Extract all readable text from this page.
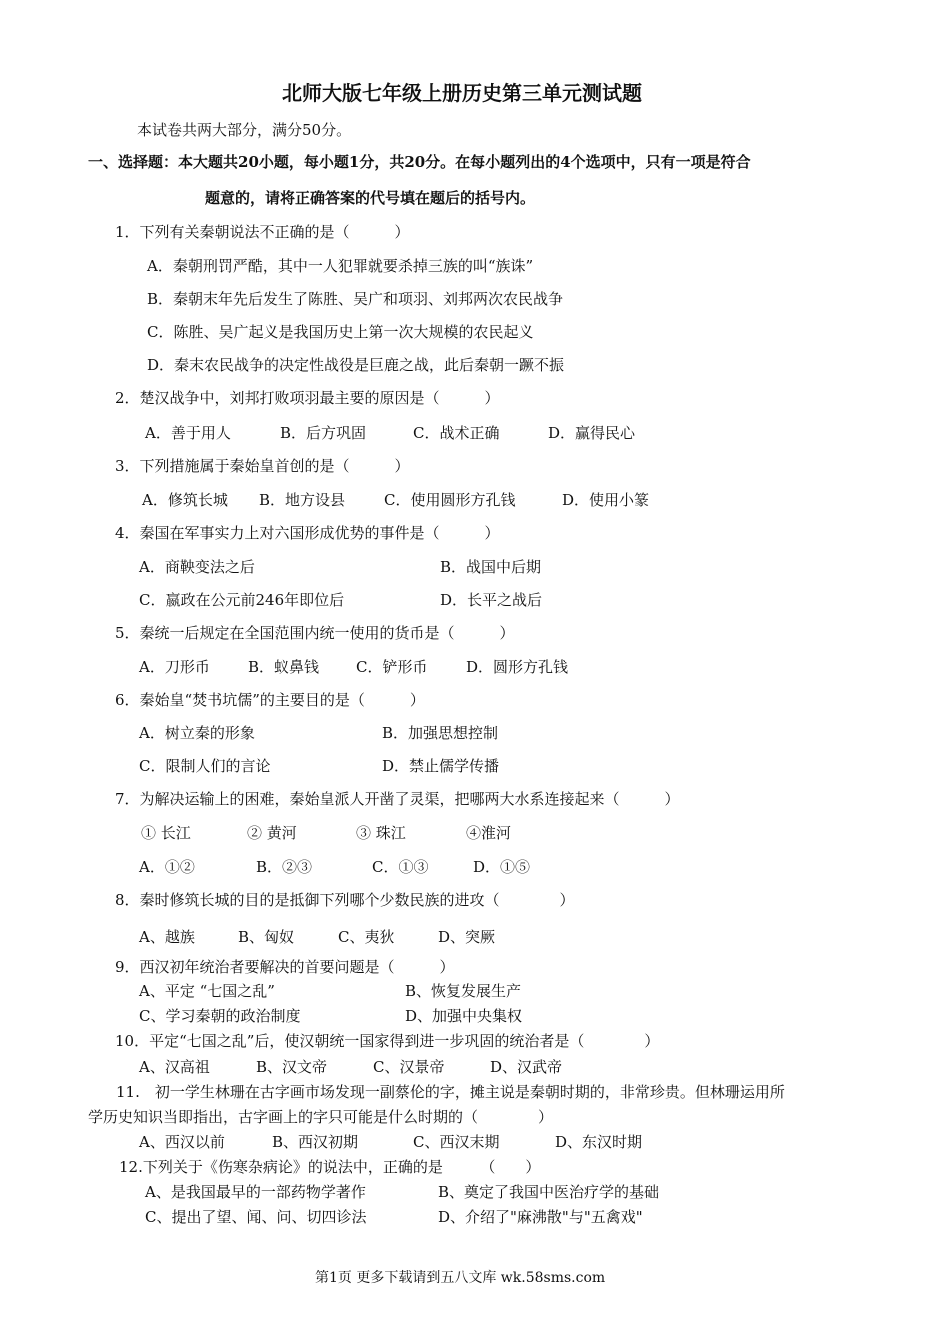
北师大版七年级上册历史第三单元测试题
本试卷共两大部分，满分50分。
一、选择题：本大题共20小题，每小题1分，共20分。在每小题列出的4个选项中，只有一项是符合
题意的，请将正确答案的代号填在题后的括号内。
1．下列有关秦朝说法不正确的是（　　　）
A．秦朝刑罚严酷，其中一人犯罪就要杀掉三族的叫“族诛”
B．秦朝末年先后发生了陈胜、吴广和项羽、刘邦两次农民战争
C．陈胜、吴广起义是我国历史上第一次大规模的农民起义
D．秦末农民战争的决定性战役是巨鹿之战，此后秦朝一蹶不振
2．楚汉战争中，刘邦打败项羽最主要的原因是（　　　）
A．善于用人	B．后方巩固	C．战术正确	D．赢得民心
3．下列措施属于秦始皇首创的是（　　　）
A．修筑长城 B．地方设县	C．使用圆形方孔钱	D．使用小篆
4．秦国在军事实力上对六国形成优势的事件是（　　　）
A．商鞅变法之后	B．战国中后期
C．嬴政在公元前246年即位后	D．长平之战后
5．秦统一后规定在全国范围内统一使用的货币是（　　　）
A．刀形币	B．蚁鼻钱 C．铲形币	D．圆形方孔钱
6．秦始皇“焚书坑儒”的主要目的是（　　　）
A．树立秦的形象	B．加强思想控制
C．限制人们的言论	D．禁止儒学传播
7．为解决运输上的困难，秦始皇派人开凿了灵渠，把哪两大水系连接起来（　　　）
① 长江	② 黄河	③ 珠江	④淮河
A．①②	B．②③	C．①③	D．①⑤
8．秦时修筑长城的目的是抵御下列哪个少数民族的进攻（　　　　）
A、越族	B、匈奴	C、夷狄	D、突厥
9．西汉初年统治者要解决的首要问题是（　　　）
A、平定 “七国之乱”	B、恢复发展生产
C、学习秦朝的政治制度	D、加强中央集权
10．平定“七国之乱”后，使汉朝统一国家得到进一步巩固的统治者是（　　　　）
A、汉高祖	B、汉文帝	C、汉景帝	D、汉武帝
11.　初一学生林珊在古字画市场发现一副蔡伦的字，摊主说是秦朝时期的，非常珍贵。但林珊运用所
学历史知识当即指出，古字画上的字只可能是什么时期的（　　　　）
A、西汉以前	B、西汉初期	C、西汉末期	D、东汉时期
12.下列关于《伤寒杂病论》的说法中，正确的是　　　（　　）
A、是我国最早的一部药物学著作	B、奠定了我国中医治疗学的基础
C、提出了望、闻、问、切四诊法	D、介绍了"麻沸散"与"五禽戏"
第1页 更多下载请到五八文库 wk.58sms.com
